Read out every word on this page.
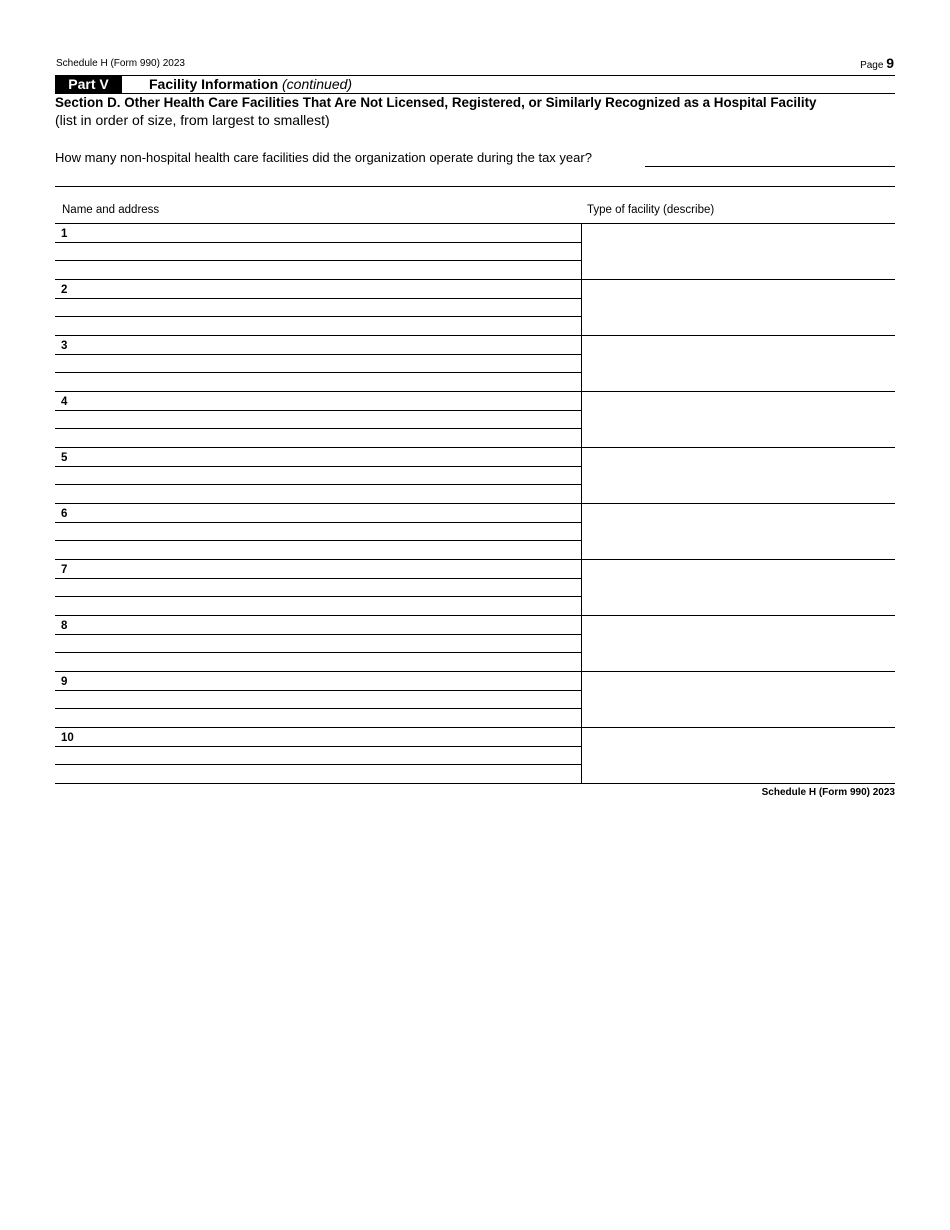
Schedule H (Form 990) 2023	Page 9
Part V	Facility Information (continued)
Section D. Other Health Care Facilities That Are Not Licensed, Registered, or Similarly Recognized as a Hospital Facility
(list in order of size, from largest to smallest)
How many non-hospital health care facilities did the organization operate during the tax year?
Name and address	Type of facility (describe)
1
2
3
4
5
6
7
8
9
10
Schedule H (Form 990) 2023
